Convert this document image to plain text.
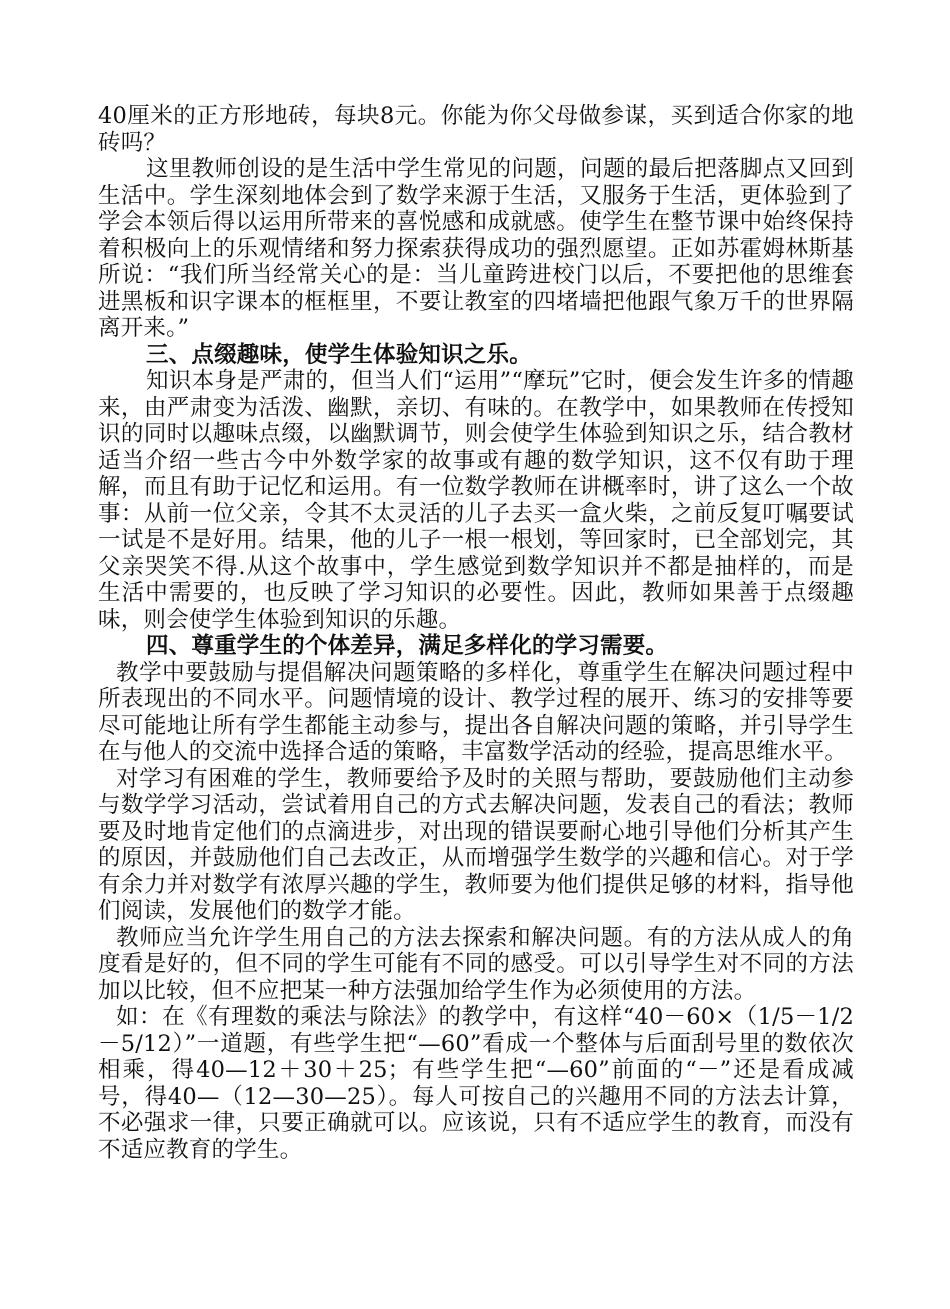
40厘米的正方形地砖，每块8元。你能为你父母做参谋，买到适合你家的地砖吗？

这里教师创设的是生活中学生常见的问题，问题的最后把落脚点又回到生活中。学生深刻地体会到了数学来源于生活，又服务于生活，更体验到了学会本领后得以运用所带来的喜悦感和成就感。使学生在整节课中始终保持着积极向上的乐观情绪和努力探索获得成功的强烈愿望。正如苏霍姆林斯基所说：“我们所当经常关心的是：当儿童跨进校门以后，不要把他的思维套进黑板和识字课本的框框里，不要让教室的四堵墙把他跟气象万千的世界隔离开来。”

三、点缀趣味，使学生体验知识之乐。

知识本身是严肃的，但当人们“运用”“摩玩”它时，便会发生许多的情趣来，由严肃变为活泼、幽默，亲切、有味的。在教学中，如果教师在传授知识的同时以趣味点缀，以幽默调节，则会使学生体验到知识之乐，结合教材适当介绍一些古今中外数学家的故事或有趣的数学知识，这不仅有助于理解，而且有助于记忆和运用。有一位数学教师在讲概率时，讲了这么一个故事：从前一位父亲，令其不太灵活的儿子去买一盒火柴，之前反复叮嘱要试一试是不是好用。结果，他的儿子一根一根划，等回家时，已全部划完，其父亲哭笑不得.从这个故事中，学生感觉到数学知识并不都是抽样的，而是生活中需要的，也反映了学习知识的必要性。因此，教师如果善于点缀趣味，则会使学生体验到知识的乐趣。

四、尊重学生的个体差异，满足多样化的学习需要。

教学中要鼓励与提倡解决问题策略的多样化，尊重学生在解决问题过程中所表现出的不同水平。问题情境的设计、教学过程的展开、练习的安排等要尽可能地让所有学生都能主动参与，提出各自解决问题的策略，并引导学生在与他人的交流中选择合适的策略，丰富数学活动的经验，提高思维水平。

对学习有困难的学生，教师要给予及时的关照与帮助，要鼓励他们主动参与数学学习活动，尝试着用自己的方式去解决问题，发表自己的看法；教师要及时地肯定他们的点滴进步，对出现的错误要耐心地引导他们分析其产生的原因，并鼓励他们自己去改正，从而增强学生数学的兴趣和信心。对于学有余力并对数学有浓厚兴趣的学生，教师要为他们提供足够的材料，指导他们阅读，发展他们的数学才能。

教师应当允许学生用自己的方法去探索和解决问题。有的方法从成人的角度看是好的，但不同的学生可能有不同的感受。可以引导学生对不同的方法加以比较，但不应把某一种方法强加给学生作为必须使用的方法。

如：在《有理数的乘法与除法》的教学中，有这样“40－60×（1/5－1/2－5/12）”一道题，有些学生把“—60”看成一个整体与后面刮号里的数依次相乘，得40—12＋30＋25；有些学生把“—60”前面的“－”还是看成减号，得40—（12—30—25）。每人可按自己的兴趣用不同的方法去计算，不必强求一律，只要正确就可以。应该说，只有不适应学生的教育，而没有不适应教育的学生。
